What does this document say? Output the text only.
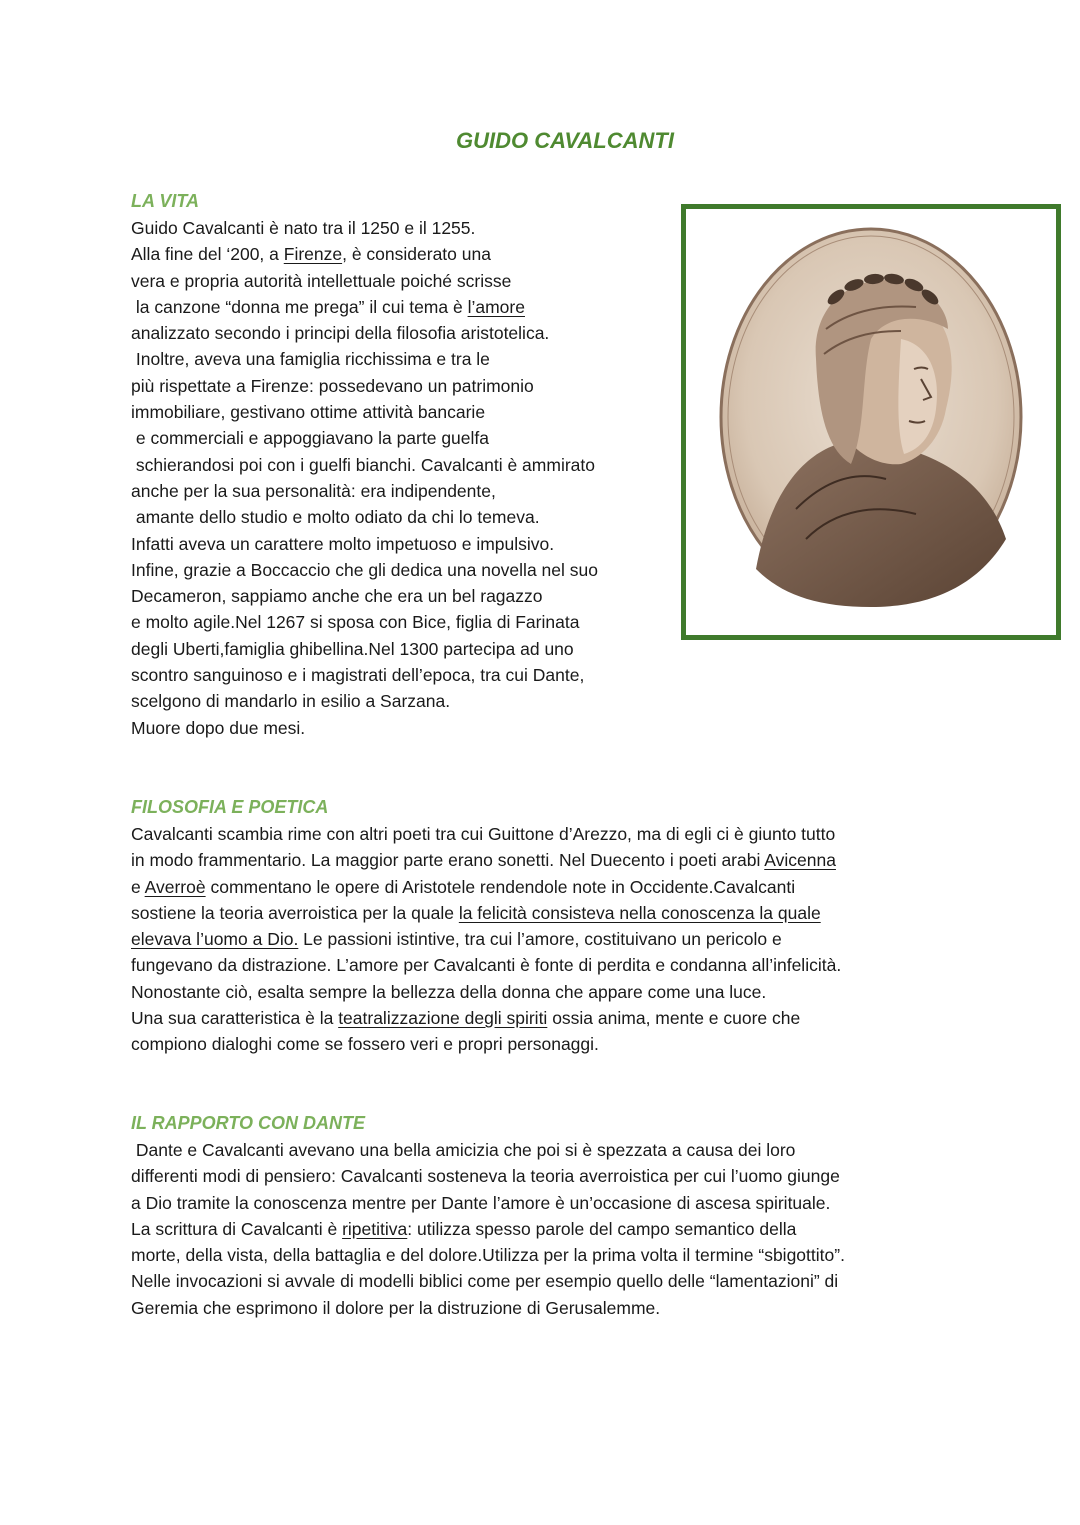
GUIDO CAVALCANTI
LA VITA
Guido Cavalcanti è nato tra il 1250 e il 1255.
Alla fine del ‘200, a Firenze, è considerato una
vera e propria autorità intellettuale poiché scrisse
la canzone “donna me prega” il cui tema è l’amore
analizzato secondo i principi della filosofia aristotelica.
Inoltre, aveva una famiglia ricchissima e tra le
più rispettate a Firenze: possedevano un patrimonio
immobiliare, gestivano ottime attività bancarie
e commerciali e appoggiavano la parte guelfa
schierandosi poi con i guelfi bianchi. Cavalcanti è ammirato
anche per la sua personalità: era indipendente,
amante dello studio e molto odiato da chi lo temeva.
Infatti aveva un carattere molto impetuoso e impulsivo.
Infine, grazie a Boccaccio che gli dedica una novella nel suo
Decameron, sappiamo anche che era un bel ragazzo
e molto agile.Nel 1267 si sposa con Bice, figlia di Farinata
degli Uberti,famiglia ghibellina.Nel 1300 partecipa ad uno
scontro sanguinoso e i magistrati dell’epoca, tra cui Dante,
scelgono di mandarlo in esilio a Sarzana.
Muore dopo due mesi.
FILOSOFIA E POETICA
Cavalcanti scambia rime con altri poeti tra cui Guittone d’Arezzo, ma di egli ci è giunto tutto
in modo frammentario. La maggior parte erano sonetti. Nel Duecento i poeti arabi Avicenna
e Averroè commentano le opere di Aristotele rendendole note in Occidente.Cavalcanti
sostiene la teoria averroistica per la quale la felicità consisteva nella conoscenza la quale
elevava l’uomo a Dio. Le passioni istintive, tra cui l’amore, costituivano un pericolo e
fungevano da distrazione. L’amore per Cavalcanti è fonte di perdita e condanna all’infelicità.
Nonostante ciò, esalta sempre la bellezza della donna che appare come una luce.
Una sua caratteristica è la teatralizzazione degli spiriti ossia anima, mente e cuore che
compiono dialoghi come se fossero veri e propri personaggi.
IL RAPPORTO CON DANTE
Dante e Cavalcanti avevano una bella amicizia che poi si è spezzata a causa dei loro
differenti modi di pensiero: Cavalcanti sosteneva la teoria averroistica per cui l’uomo giunge
a Dio tramite la conoscenza mentre per Dante l’amore è un’occasione di ascesa spirituale.
La scrittura di Cavalcanti è ripetitiva: utilizza spesso parole del campo semantico della
morte, della vista, della battaglia e del dolore.Utilizza per la prima volta il termine “sbigottito”.
Nelle invocazioni si avvale di modelli biblici come per esempio quello delle “lamentazioni” di
Geremia che esprimono il dolore per la distruzione di Gerusalemme.
